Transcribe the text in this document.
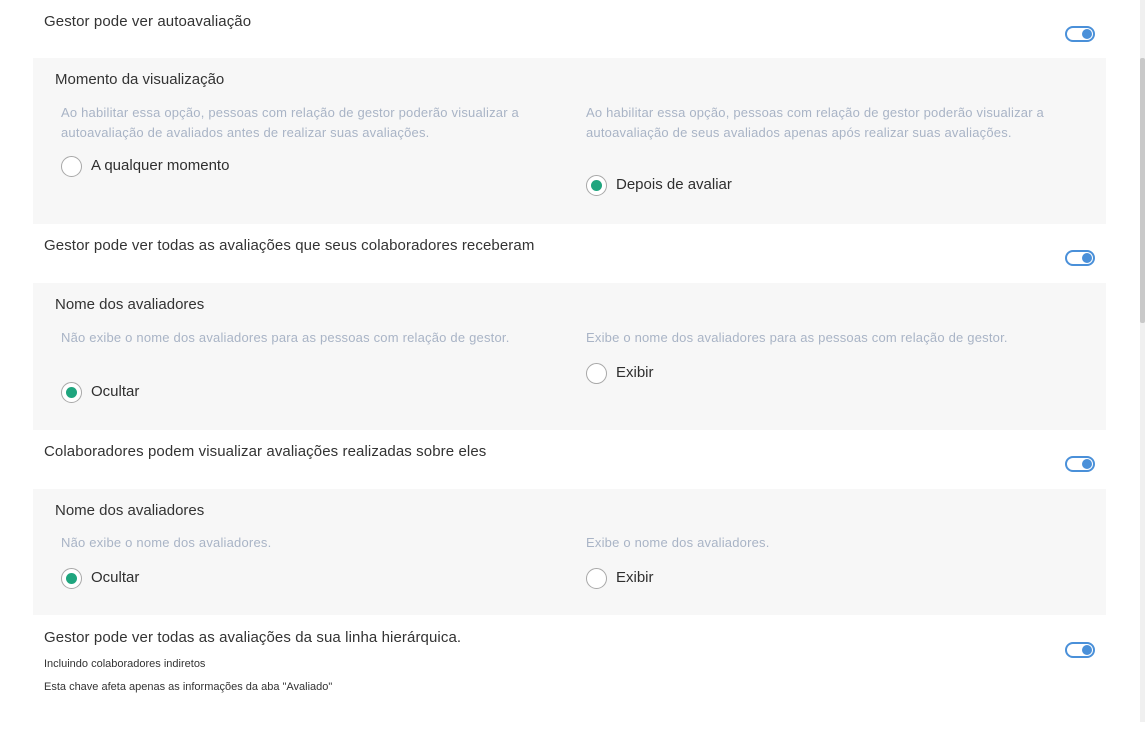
Gestor pode ver autoavaliação
Momento da visualização
Ao habilitar essa opção, pessoas com relação de gestor poderão visualizar a autoavaliação de avaliados antes de realizar suas avaliações.
Ao habilitar essa opção, pessoas com relação de gestor poderão visualizar a autoavaliação de seus avaliados apenas após realizar suas avaliações.
A qualquer momento
Depois de avaliar
Gestor pode ver todas as avaliações que seus colaboradores receberam
Nome dos avaliadores
Não exibe o nome dos avaliadores para as pessoas com relação de gestor.	Exibe o nome dos avaliadores para as pessoas com relação de gestor.
Ocultar
Exibir
Colaboradores podem visualizar avaliações realizadas sobre eles
Nome dos avaliadores
Não exibe o nome dos avaliadores.	Exibe o nome dos avaliadores.
Ocultar	Exibir
Gestor pode ver todas as avaliações da sua linha hierárquica.
Incluindo colaboradores indiretos
Esta chave afeta apenas as informações da aba "Avaliado"
